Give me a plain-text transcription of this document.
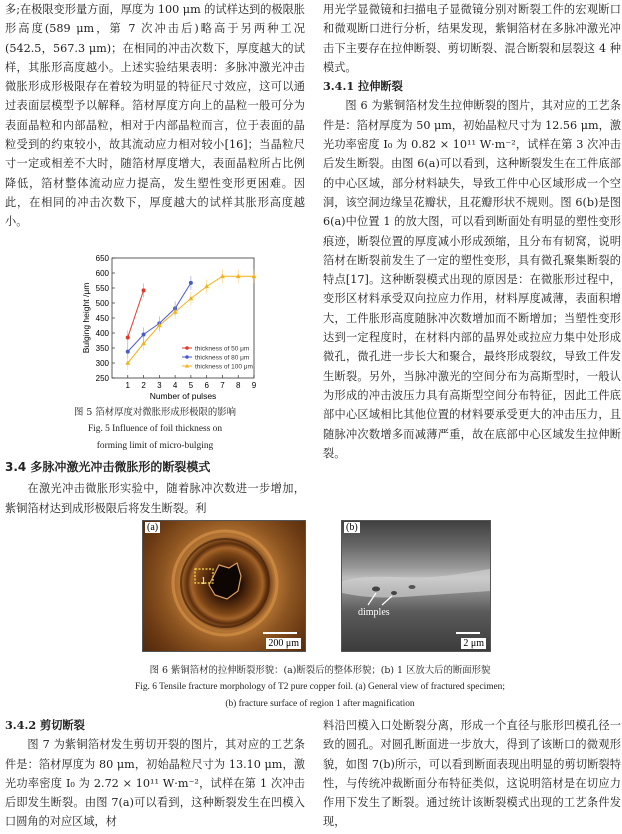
多;在极限变形量方面，厚度为 100 μm 的试样达到的极限胀形高度(589 μm，第 7 次冲击后)略高于另两种工况(542.5，567.3 μm)；在相同的冲击次数下，厚度越大的试样，其胀形高度越小。上述实验结果表明：多脉冲激光冲击微胀形成形极限存在着较为明显的特征尺寸效应，这可以通过表面层模型予以解释。箔材厚度方向上的晶粒一般可分为表面晶粒和内部晶粒，相对于内部晶粒而言，位于表面的晶粒受到的约束较小，故其流动应力相对较小[16]；当晶粒尺寸一定或相差不大时，随箔材厚度增大，表面晶粒所占比例降低，箔材整体流动应力提高，发生塑性变形更困难。因此，在相同的冲击次数下，厚度越大的试样其胀形高度越小。

1 2 3 4 5 6 7 8 9
250
300
350
400
450
500
550
600
650
Number of pulses
Bulging height /μm	thickness of 50 μm
thickness of 80 μm
thickness of 100 μm
图 5 箔材厚度对微胀形成形极限的影响
Fig. 5 Influence of foil thickness on
forming limit of micro-bulging

3.4 多脉冲激光冲击微胀形的断裂模式

在激光冲击微胀形实验中，随着脉冲次数进一步增加，紫铜箔材达到成形极限后将发生断裂。利

用光学显微镜和扫描电子显微镜分别对断裂工件的宏观断口和微观断口进行分析，结果发现，紫铜箔材在多脉冲激光冲击下主要存在拉伸断裂、剪切断裂、混合断裂和层裂这 4 种模式。

3.4.1 拉伸断裂

图 6 为紫铜箔材发生拉伸断裂的图片，其对应的工艺条件是：箔材厚度为 50 μm，初始晶粒尺寸为 12.56 μm，激光功率密度 I₀ 为 0.82 × 10¹¹ W·m⁻²，试样在第 3 次冲击后发生断裂。由图 6(a)可以看到，这种断裂发生在工件底部的中心区域，部分材料缺失，导致工件中心区域形成一个空洞，该空洞边缘呈花瓣状，且花瓣形状不规则。图 6(b)是图 6(a)中位置 1 的放大图，可以看到断面处有明显的塑性变形痕迹，断裂位置的厚度减小形成颈缩，且分布有韧窝，说明箔材在断裂前发生了一定的塑性变形，具有微孔聚集断裂的特点[17]。这种断裂模式出现的原因是：在微胀形过程中，变形区材料承受双向拉应力作用，材料厚度减薄，表面积增大，工件胀形高度随脉冲次数增加而不断增加；当塑性变形达到一定程度时，在材料内部的晶界处或拉应力集中处形成微孔，微孔进一步长大和聚合，最终形成裂纹，导致工件发生断裂。另外，当脉冲激光的空间分布为高斯型时，一般认为形成的冲击波压力具有高斯型空间分布特征，因此工件底部中心区域相比其他位置的材料要承受更大的冲击压力，且随脉冲次数增多而减薄严重，故在底部中心区域发生拉伸断裂。

(a)
1
200 μm
(b)
dimples
2 μm
图 6 紫铜箔材的拉伸断裂形貌：(a)断裂后的整体形貌；(b) 1 区放大后的断面形貌
Fig. 6 Tensile fracture morphology of T2 pure copper foil. (a) General view of fractured specimen;
(b) fracture surface of region 1 after magnification

3.4.2 剪切断裂

图 7 为紫铜箔材发生剪切开裂的图片，其对应的工艺条件是：箔材厚度为 80 μm，初始晶粒尺寸为 13.10 μm，激光功率密度 I₀ 为 2.72 × 10¹¹ W·m⁻²，试样在第 1 次冲击后即发生断裂。由图 7(a)可以看到，这种断裂发生在凹模入口圆角的对应区域，材

料沿凹模入口处断裂分离，形成一个直径与胀形凹模孔径一致的圆孔。对圆孔断面进一步放大，得到了该断口的微观形貌，如图 7(b)所示，可以看到断面表现出明显的剪切断裂特性，与传统冲裁断面分布特征类似，这说明箔材是在切应力作用下发生了断裂。通过统计该断裂模式出现的工艺条件发现，
